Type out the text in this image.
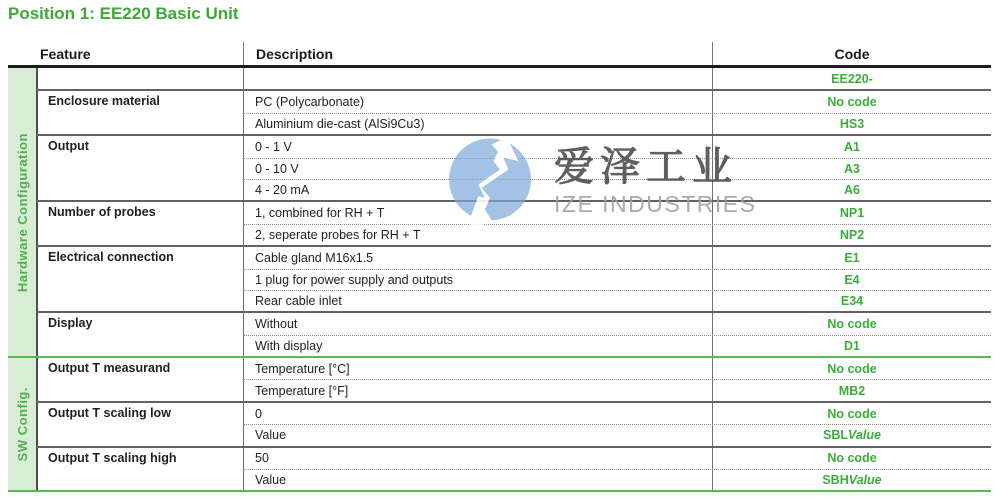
Position 1: EE220 Basic Unit
Feature	Description	Code
Hardware Configuration
EE220-
Enclosure material	PC (Polycarbonate)	No code
Aluminium die-cast (AlSi9Cu3)	HS3
Output	0 - 1 V	A1
0 - 10 V	A3
4 - 20 mA	A6
Number of probes	1, combined for RH + T	NP1
2, seperate probes for RH + T	NP2
Electrical connection	Cable gland M16x1.5	E1
1 plug for power supply and outputs	E4
Rear cable inlet	E34
Display	Without	No code
With display	D1
SW Config.
Output T measurand	Temperature [°C]	No code
Temperature [°F]	MB2
Output T scaling low	0	No code
Value	SBL Value
Output T scaling high	50	No code
Value	SBH Value
爱泽工业
IZE INDUSTRIES
